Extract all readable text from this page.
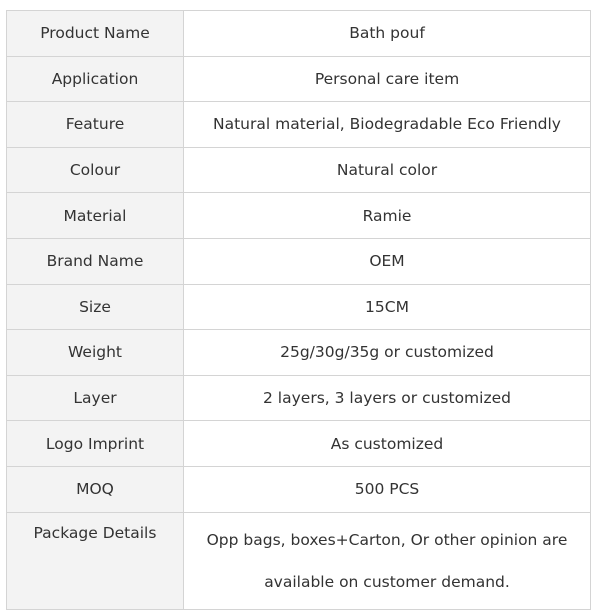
Product Name	Bath pouf
Application	Personal care item
Feature	Natural material, Biodegradable Eco Friendly
Colour	Natural color
Material	Ramie
Brand Name	OEM
Size	15CM
Weight	25g/30g/35g or customized
Layer	2 layers, 3 layers or customized
Logo Imprint	As customized
MOQ	500 PCS
Package Details	Opp bags, boxes+Carton, Or other opinion are
available on customer demand.
